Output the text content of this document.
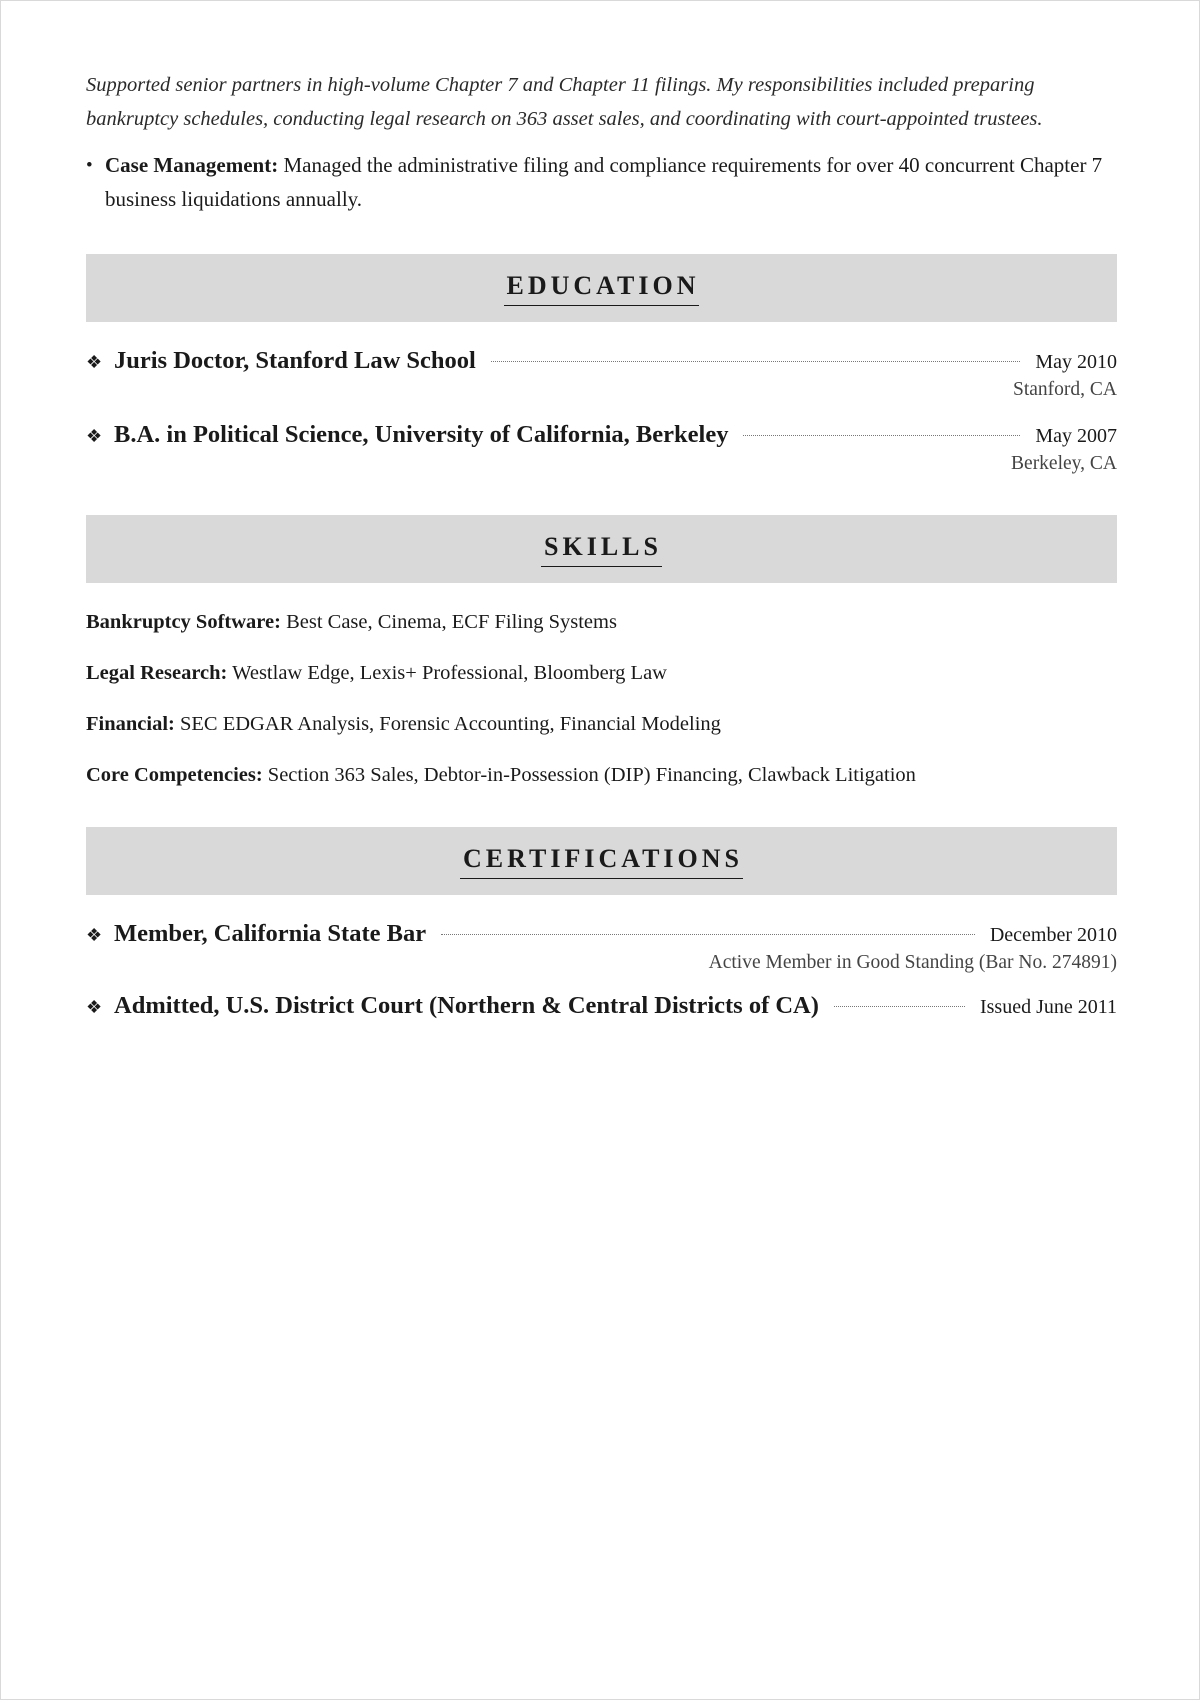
Supported senior partners in high-volume Chapter 7 and Chapter 11 filings. My responsibilities included preparing bankruptcy schedules, conducting legal research on 363 asset sales, and coordinating with court-appointed trustees.

• Case Management: Managed the administrative filing and compliance requirements for over 40 concurrent Chapter 7 business liquidations annually.
EDUCATION
❖ Juris Doctor, Stanford Law School	May 2010
Stanford, CA
❖ B.A. in Political Science, University of California, Berkeley	May 2007
Berkeley, CA
SKILLS
Bankruptcy Software: Best Case, Cinema, ECF Filing Systems
Legal Research: Westlaw Edge, Lexis+ Professional, Bloomberg Law
Financial: SEC EDGAR Analysis, Forensic Accounting, Financial Modeling
Core Competencies: Section 363 Sales, Debtor-in-Possession (DIP) Financing, Clawback Litigation
CERTIFICATIONS
❖ Member, California State Bar	December 2010
Active Member in Good Standing (Bar No. 274891)
❖ Admitted, U.S. District Court (Northern & Central Districts of CA)	Issued June 2011
